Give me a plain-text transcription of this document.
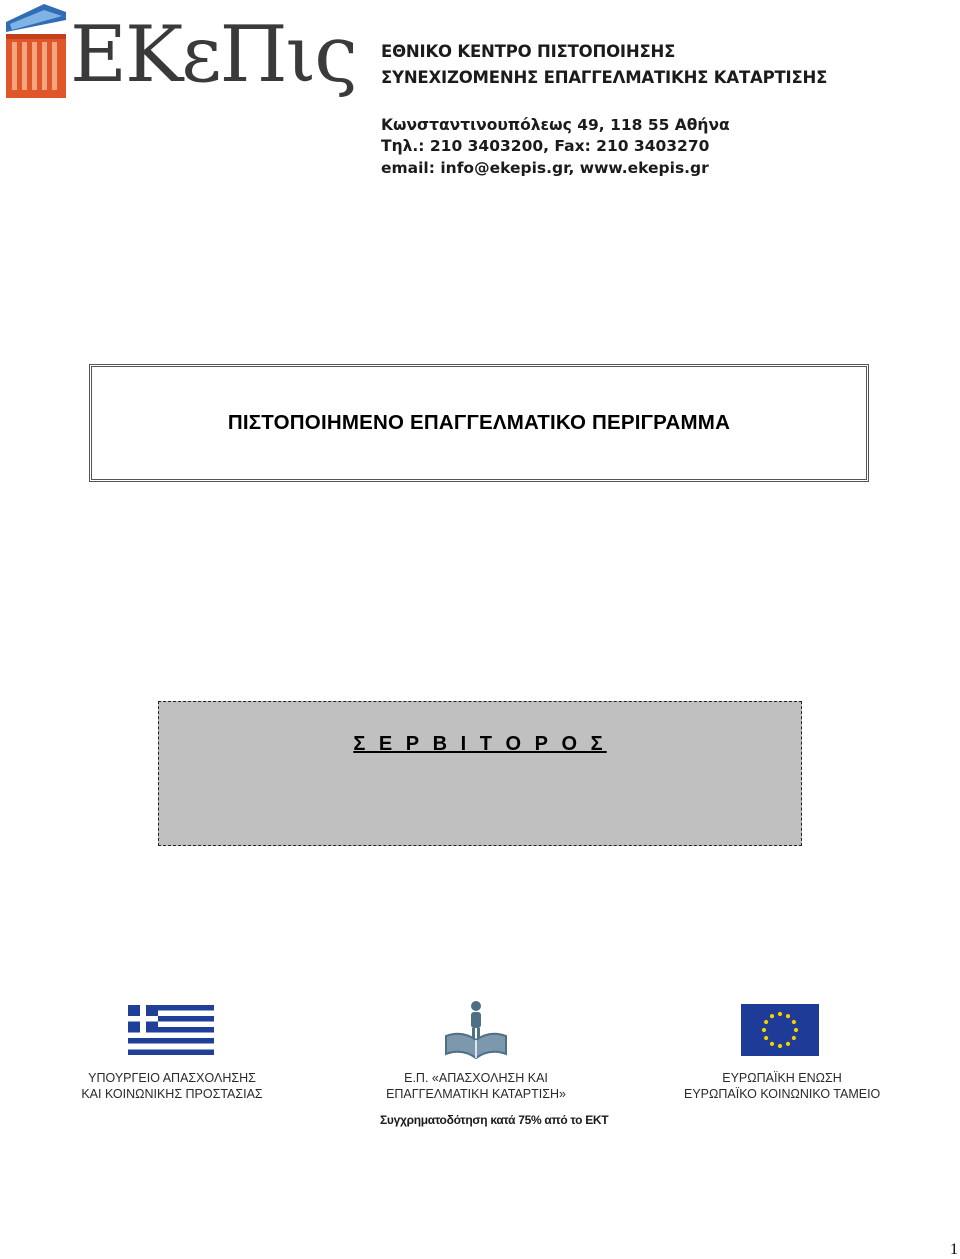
ΕΚεΠις ΕΘΝΙΚΟ ΚΕΝΤΡΟ ΠΙΣΤΟΠΟΙΗΣΗΣ
ΣΥΝΕΧΙΖΟΜΕΝΗΣ ΕΠΑΓΓΕΛΜΑΤΙΚΗΣ ΚΑΤΑΡΤΙΣΗΣ
Κωνσταντινουπόλεως 49, 118 55 Αθήνα
Τηλ.: 210 3403200, Fax: 210 3403270
email: info@ekepis.gr, www.ekepis.gr
ΠΙΣΤΟΠΟΙΗΜΕΝΟ ΕΠΑΓΓΕΛΜΑΤΙΚΟ ΠΕΡΙΓΡΑΜΜΑ
Σ Ε Ρ Β Ι Τ Ο Ρ Ο Σ
ΥΠΟΥΡΓΕΙΟ ΑΠΑΣΧΟΛΗΣΗΣ
ΚΑΙ ΚΟΙΝΩΝΙΚΗΣ ΠΡΟΣΤΑΣΙΑΣ
Ε.Π. «ΑΠΑΣΧΟΛΗΣΗ ΚΑΙ
ΕΠΑΓΓΕΛΜΑΤΙΚΗ ΚΑΤΑΡΤΙΣΗ»
Συγχρηματοδότηση κατά 75% από το ΕΚΤ
ΕΥΡΩΠΑΪΚΗ ΕΝΩΣΗ
ΕΥΡΩΠΑΪΚΟ ΚΟΙΝΩΝΙΚΟ ΤΑΜΕΙΟ
1
